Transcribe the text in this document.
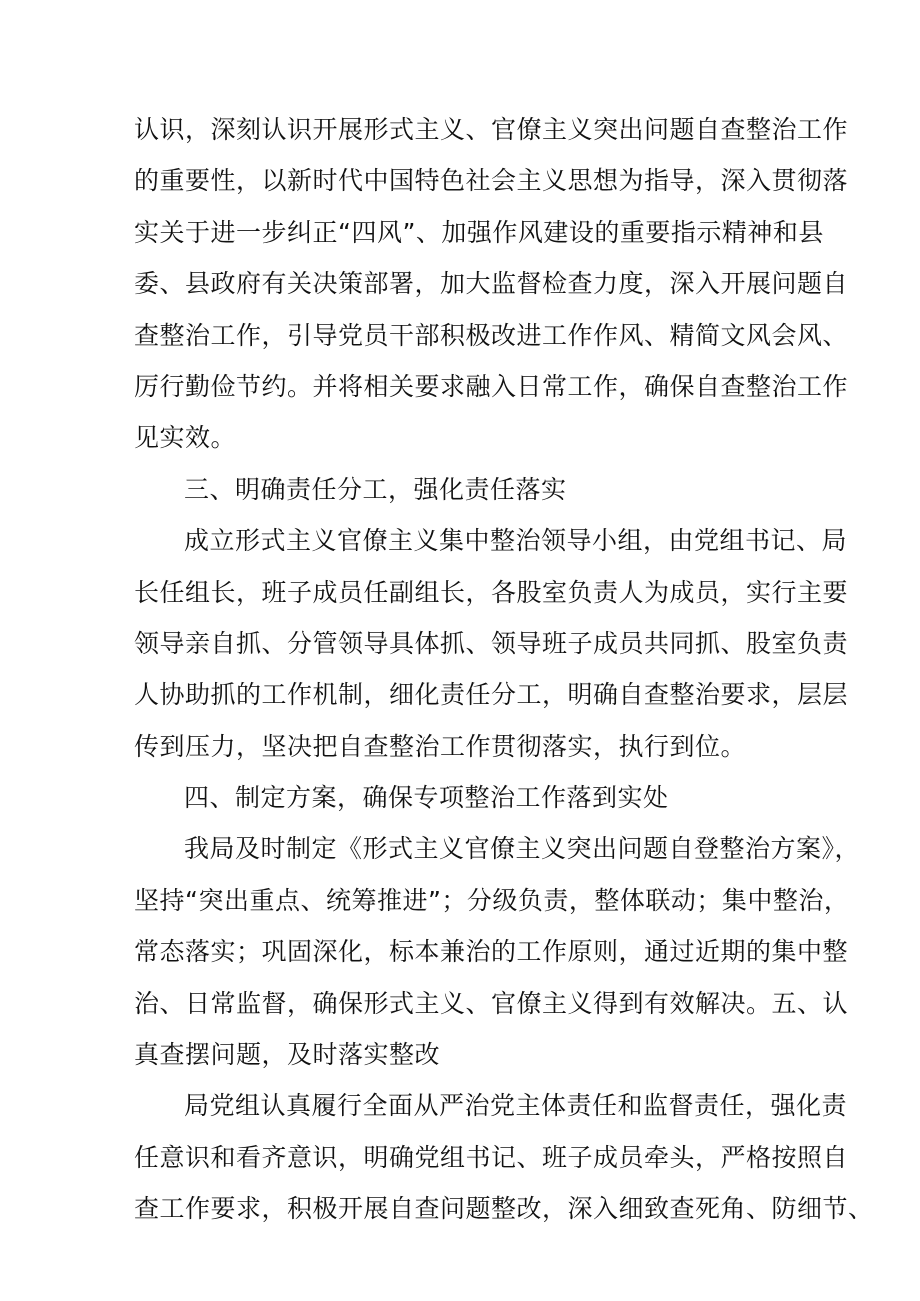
认识，深刻认识开展形式主义、官僚主义突出问题自查整治工作
的重要性，以新时代中国特色社会主义思想为指导，深入贯彻落
实关于进一步纠正“四风”、加强作风建设的重要指示精神和县
委、县政府有关决策部署，加大监督检查力度，深入开展问题自
查整治工作，引导党员干部积极改进工作作风、精简文风会风、
厉行勤俭节约。并将相关要求融入日常工作，确保自查整治工作
见实效。
三、明确责任分工，强化责任落实
成立形式主义官僚主义集中整治领导小组，由党组书记、局
长任组长，班子成员任副组长，各股室负责人为成员，实行主要
领导亲自抓、分管领导具体抓、领导班子成员共同抓、股室负责
人协助抓的工作机制，细化责任分工，明确自查整治要求，层层
传到压力，坚决把自查整治工作贯彻落实，执行到位。
四、制定方案，确保专项整治工作落到实处
我局及时制定《形式主义官僚主义突出问题自登整治方案》，
坚持“突出重点、统筹推进”；分级负责，整体联动；集中整治，
常态落实；巩固深化，标本兼治的工作原则，通过近期的集中整
治、日常监督，确保形式主义、官僚主义得到有效解决。五、认
真查摆问题，及时落实整改
局党组认真履行全面从严治党主体责任和监督责任，强化责
任意识和看齐意识，明确党组书记、班子成员牵头，严格按照自
查工作要求，积极开展自查问题整改，深入细致查死角、防细节、
